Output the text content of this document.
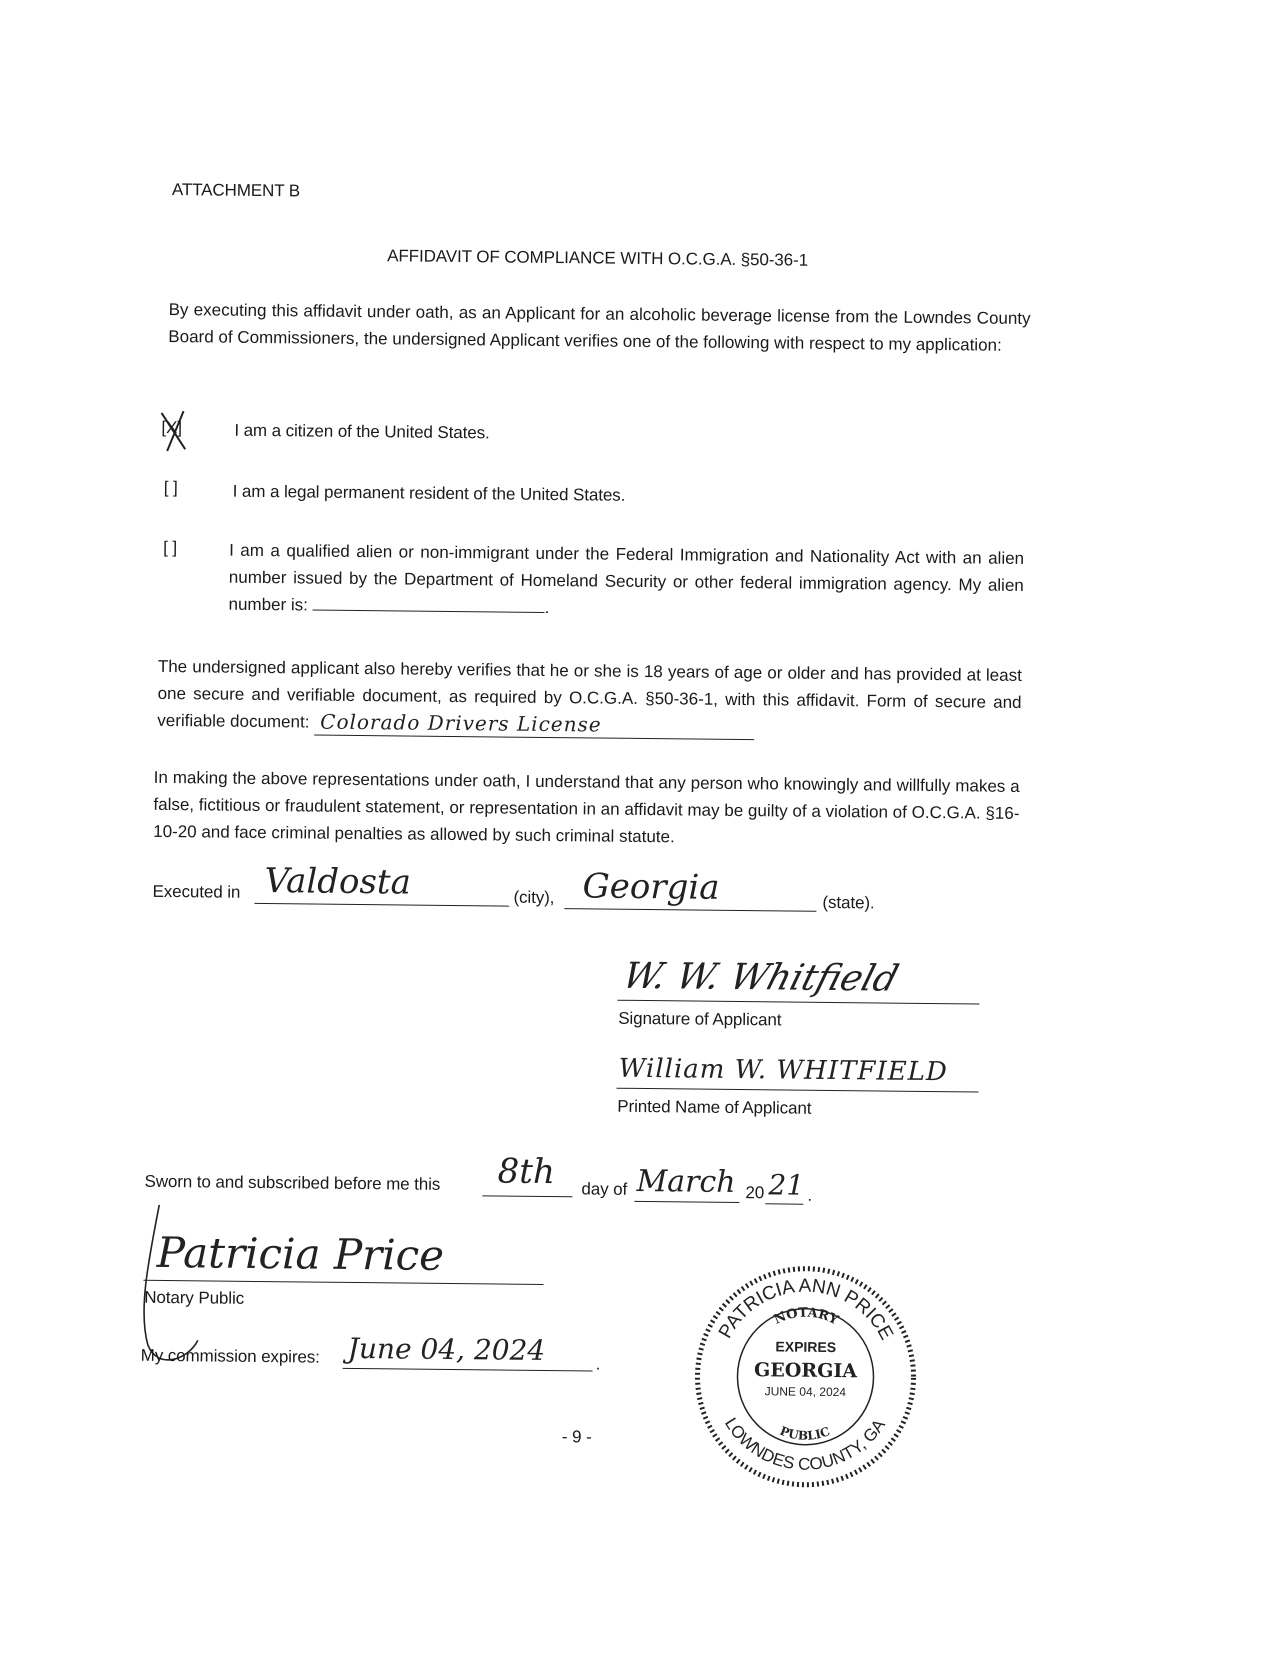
ATTACHMENT B
AFFIDAVIT OF COMPLIANCE WITH O.C.G.A. §50-36-1
By executing this affidavit under oath, as an Applicant for an alcoholic beverage license from the Lowndes County Board of Commissioners, the undersigned Applicant verifies one of the following with respect to my application:
[X]	I am a citizen of the United States.
[ ]	I am a legal permanent resident of the United States.
[ ]	I am a qualified alien or non-immigrant under the Federal Immigration and Nationality Act with an alien number issued by the Department of Homeland Security or other federal immigration agency. My alien number is:	.
The undersigned applicant also hereby verifies that he or she is 18 years of age or older and has provided at least one secure and verifiable document, as required by O.C.G.A. §50-36-1, with this affidavit. Form of secure and verifiable document: Colorado Drivers License
In making the above representations under oath, I understand that any person who knowingly and willfully makes a false, fictitious or fraudulent statement, or representation in an affidavit may be guilty of a violation of O.C.G.A. §16-10-20 and face criminal penalties as allowed by such criminal statute.
Executed in Valdosta	(city), Georgia	(state).
W. W. Whitfield
Signature of Applicant
William W. WHITFIELD
Printed Name of Applicant
Sworn to and subscribed before me this 8th day of March 20 21 .
Patricia Price
Notary Public
My commission expires: June 04, 2024	.
- 9 -
PATRICIA ANN PRICE
LOWNDES COUNTY, GA
NOTARY
PUBLIC
EXPIRES
GEORGIA
JUNE 04, 2024
